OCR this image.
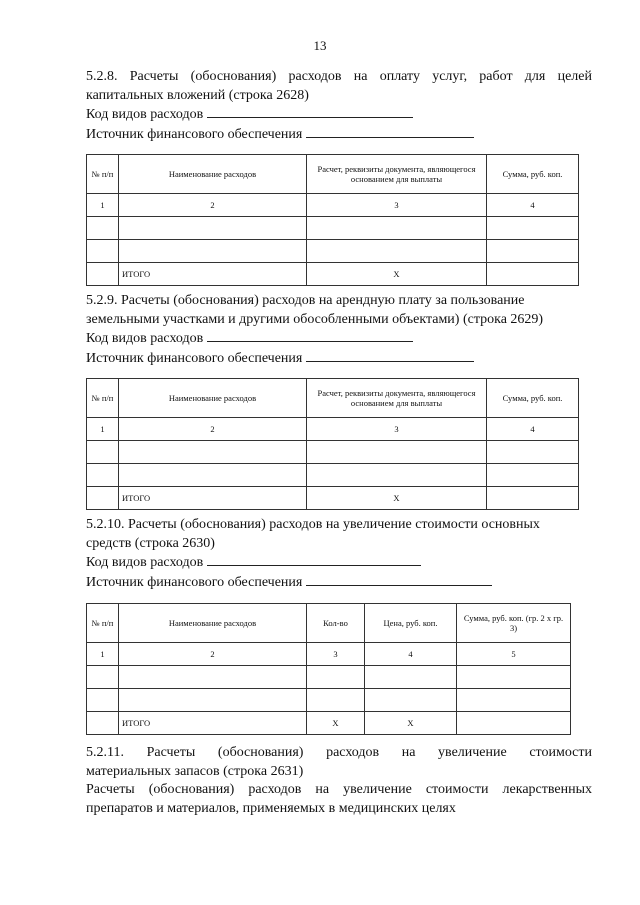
13
5.2.8. Расчеты (обоснования) расходов на оплату услуг, работ для целей
капитальных вложений (строка 2628)
Код видов расходов
Источник финансового обеспечения
№ п/п	Наименование расходов	Расчет, реквизиты документа, являющегося основанием для выплаты	Сумма, руб. коп.
1	2	3	4

	ИТОГО	X	
5.2.9. Расчеты (обоснования) расходов на арендную плату за пользование
земельными участками и другими обособленными объектами) (строка 2629)
Код видов расходов
Источник финансового обеспечения
№ п/п	Наименование расходов	Расчет, реквизиты документа, являющегося основанием для выплаты	Сумма, руб. коп.
1	2	3	4

	ИТОГО	X	
5.2.10. Расчеты (обоснования) расходов на увеличение стоимости основных
средств (строка 2630)
Код видов расходов
Источник финансового обеспечения
№ п/п	Наименование расходов	Кол-во	Цена, руб. коп.	Сумма, руб. коп. (гр. 2 х гр. 3)
1	2	3	4	5

	ИТОГО	X	X	
5.2.11. Расчеты (обоснования) расходов на увеличение стоимости
материальных запасов (строка 2631)
Расчеты (обоснования) расходов на увеличение стоимости лекарственных
препаратов и материалов, применяемых в медицинских целях
